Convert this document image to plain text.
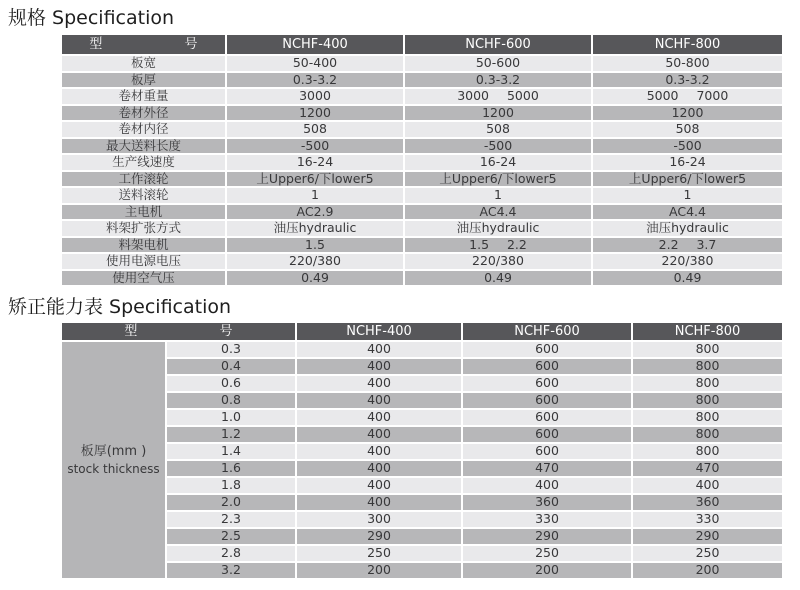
规格 Specification
型 号	NCHF-400	NCHF-600	NCHF-800
板宽	50-400	50-600	50-800
板厚	0.3-3.2	0.3-3.2	0.3-3.2
卷材重量	3000	3000  5000	5000  7000
卷材外径	1200	1200	1200
卷材内径	508	508	508
最大送料长度	-500	-500	-500
生产线速度	16-24	16-24	16-24
工作滚轮	上Upper6/下lower5	上Upper6/下lower5	上Upper6/下lower5
送料滚轮	1	1	1
主电机	AC2.9	AC4.4	AC4.4
料架扩张方式	油压hydraulic	油压hydraulic	油压hydraulic
料架电机	1.5	1.5  2.2	2.2  3.7
使用电源电压	220/380	220/380	220/380
使用空气压	0.49	0.49	0.49
矫正能力表 Specification
型 号		NCHF-400	NCHF-600	NCHF-800

板厚(mm )
stock thickness	0.3	400	600	800
	0.4	400	600	800
	0.6	400	600	800
	0.8	400	600	800
	1.0	400	600	800
	1.2	400	600	800
	1.4	400	600	800
	1.6	400	470	470
	1.8	400	400	400
	2.0	400	360	360
	2.3	300	330	330
	2.5	290	290	290
	2.8	250	250	250
	3.2	200	200	200
